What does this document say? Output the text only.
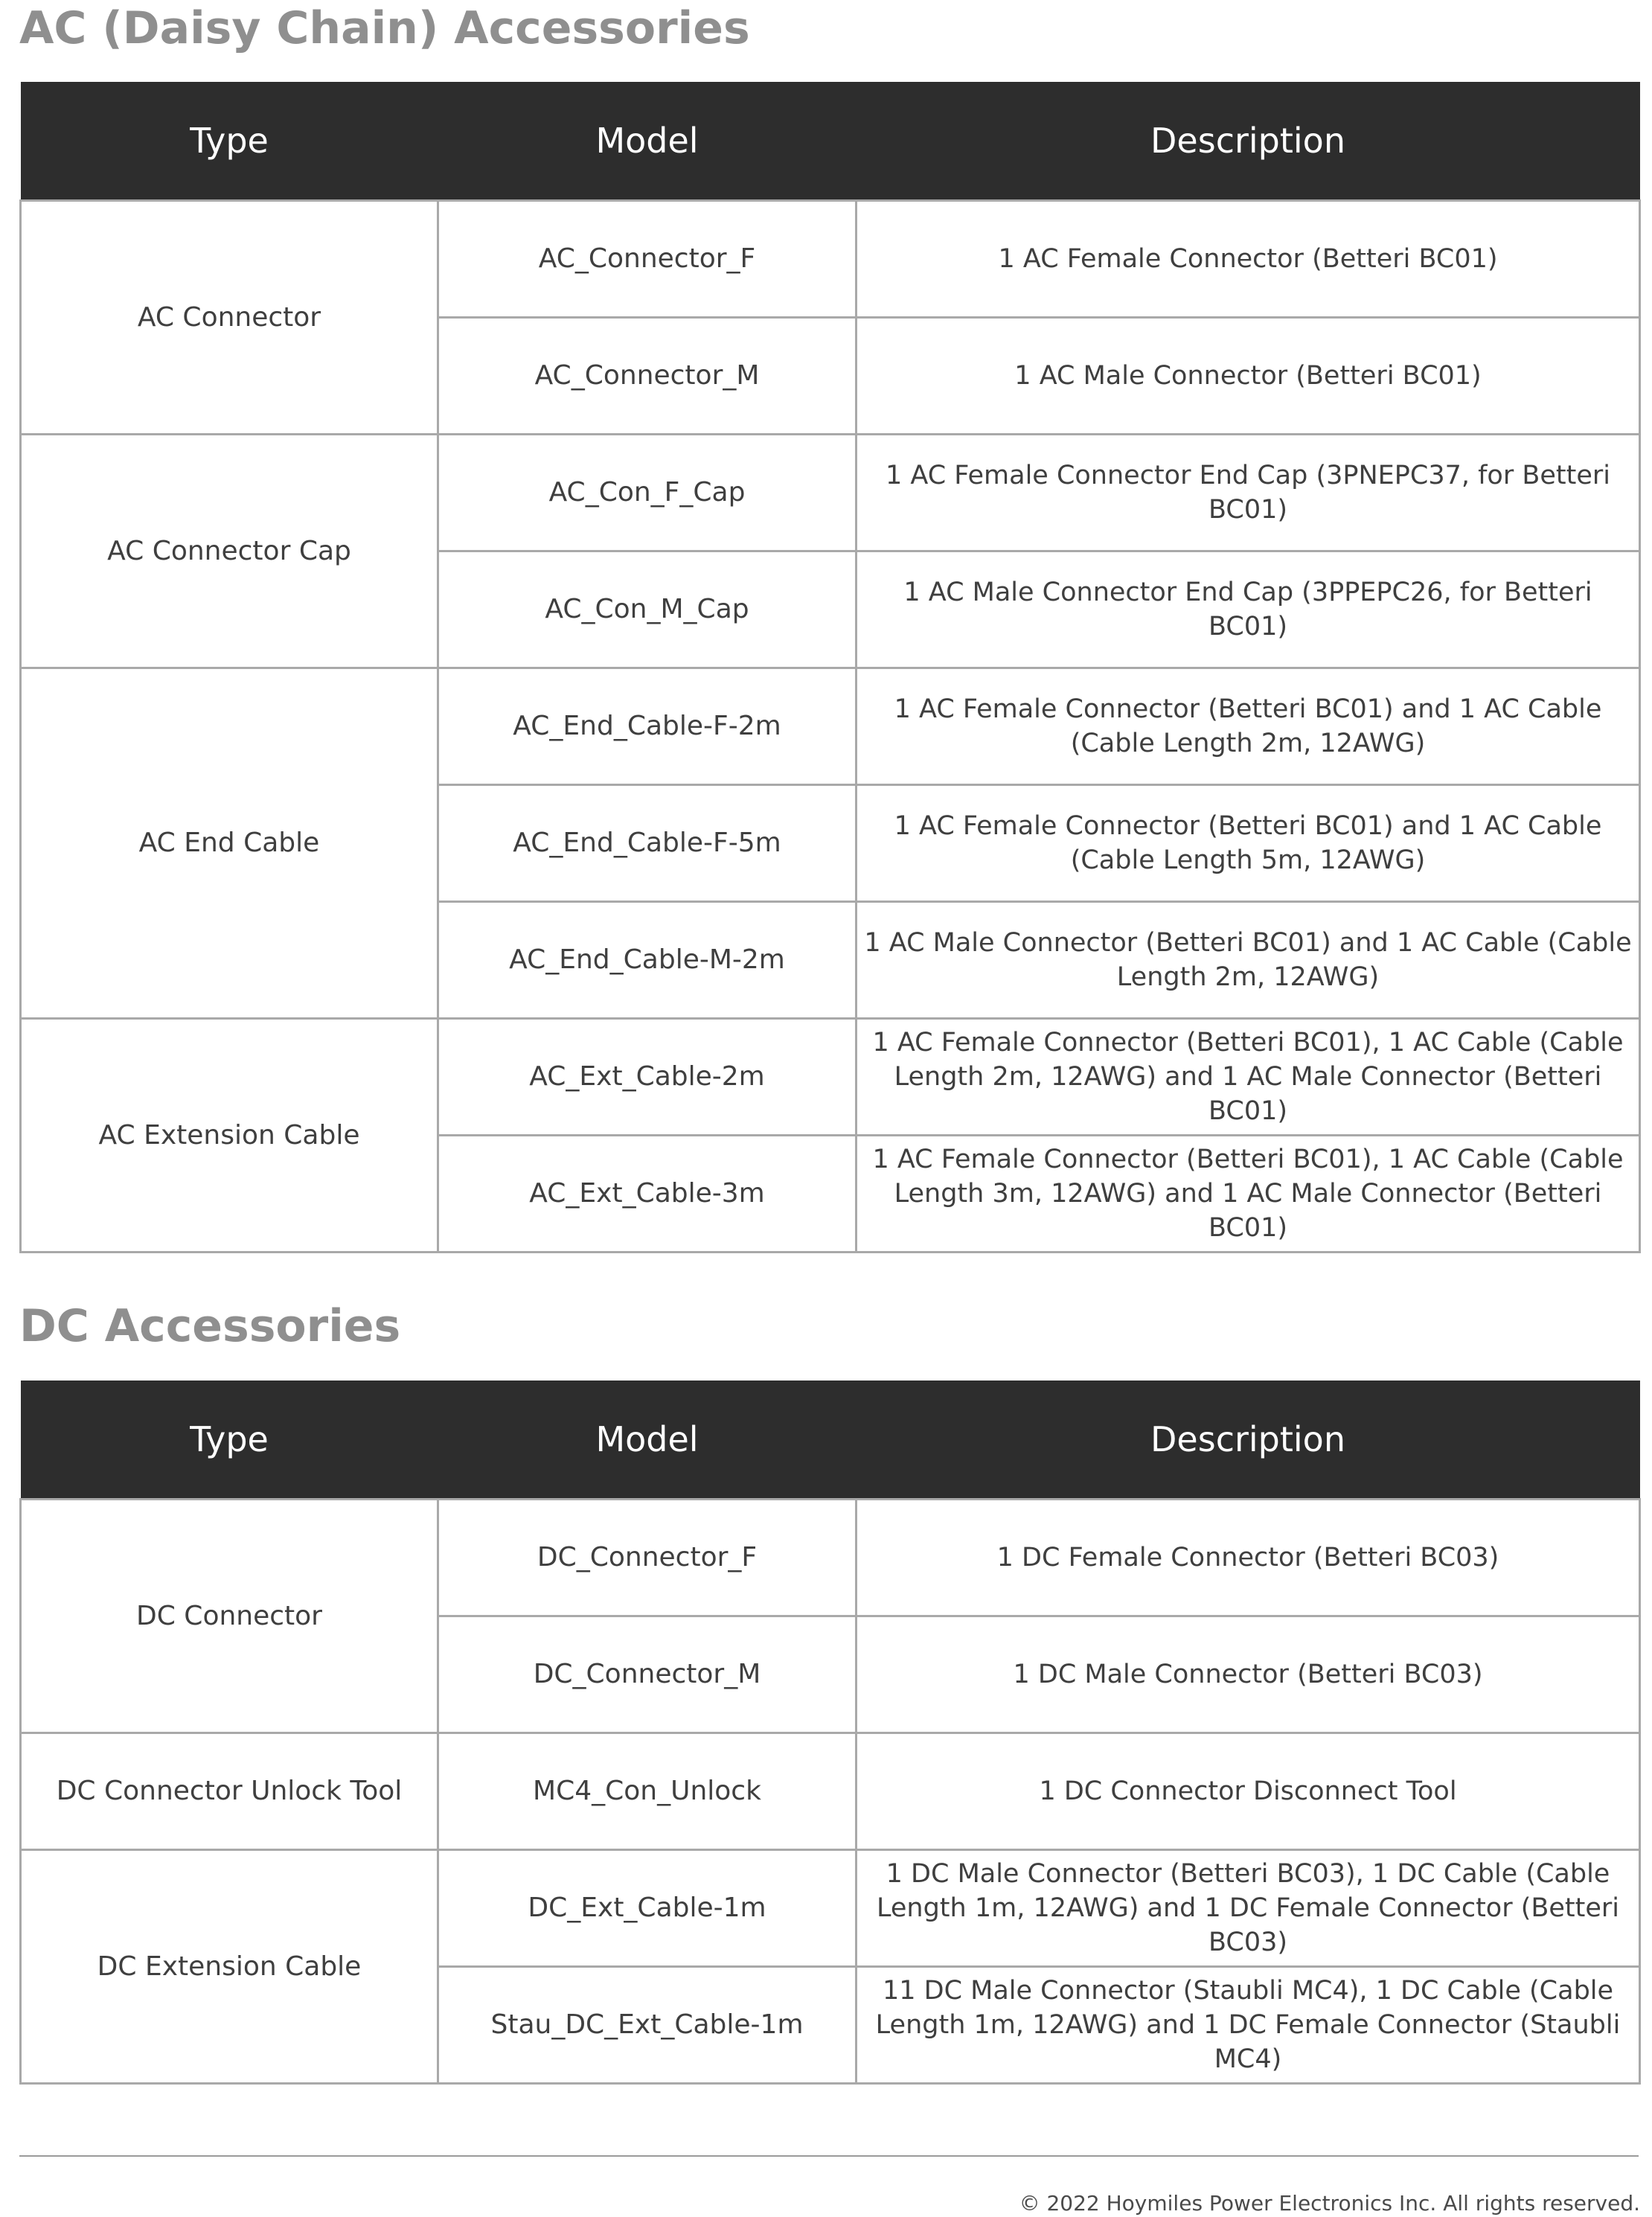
AC (Daisy Chain) Accessories
Type	Model	Description
AC Connector	AC_Connector_F	1 AC Female Connector (Betteri BC01)
	AC_Connector_M	1 AC Male Connector (Betteri BC01)
AC Connector Cap	AC_Con_F_Cap	1 AC Female Connector End Cap (3PNEPC37, for Betteri BC01)
	AC_Con_M_Cap	1 AC Male Connector End Cap (3PPEPC26, for Betteri BC01)
AC End Cable	AC_End_Cable-F-2m	1 AC Female Connector (Betteri BC01) and 1 AC Cable (Cable Length 2m, 12AWG)
	AC_End_Cable-F-5m	1 AC Female Connector (Betteri BC01) and 1 AC Cable (Cable Length 5m, 12AWG)
	AC_End_Cable-M-2m	1 AC Male Connector (Betteri BC01) and 1 AC Cable (Cable Length 2m, 12AWG)
AC Extension Cable	AC_Ext_Cable-2m	1 AC Female Connector (Betteri BC01), 1 AC Cable (Cable Length 2m, 12AWG) and 1 AC Male Connector (Betteri BC01)
	AC_Ext_Cable-3m	1 AC Female Connector (Betteri BC01), 1 AC Cable (Cable Length 3m, 12AWG) and 1 AC Male Connector (Betteri BC01)
DC Accessories
Type	Model	Description
DC Connector	DC_Connector_F	1 DC Female Connector (Betteri BC03)
	DC_Connector_M	1 DC Male Connector (Betteri BC03)
DC Connector Unlock Tool	MC4_Con_Unlock	1 DC Connector Disconnect Tool
DC Extension Cable	DC_Ext_Cable-1m	1 DC Male Connector (Betteri BC03), 1 DC Cable (Cable Length 1m, 12AWG) and 1 DC Female Connector (Betteri BC03)
	Stau_DC_Ext_Cable-1m	11 DC Male Connector (Staubli MC4), 1 DC Cable (Cable Length 1m, 12AWG) and 1 DC Female Connector (Staubli MC4)
© 2022 Hoymiles Power Electronics Inc. All rights reserved.
